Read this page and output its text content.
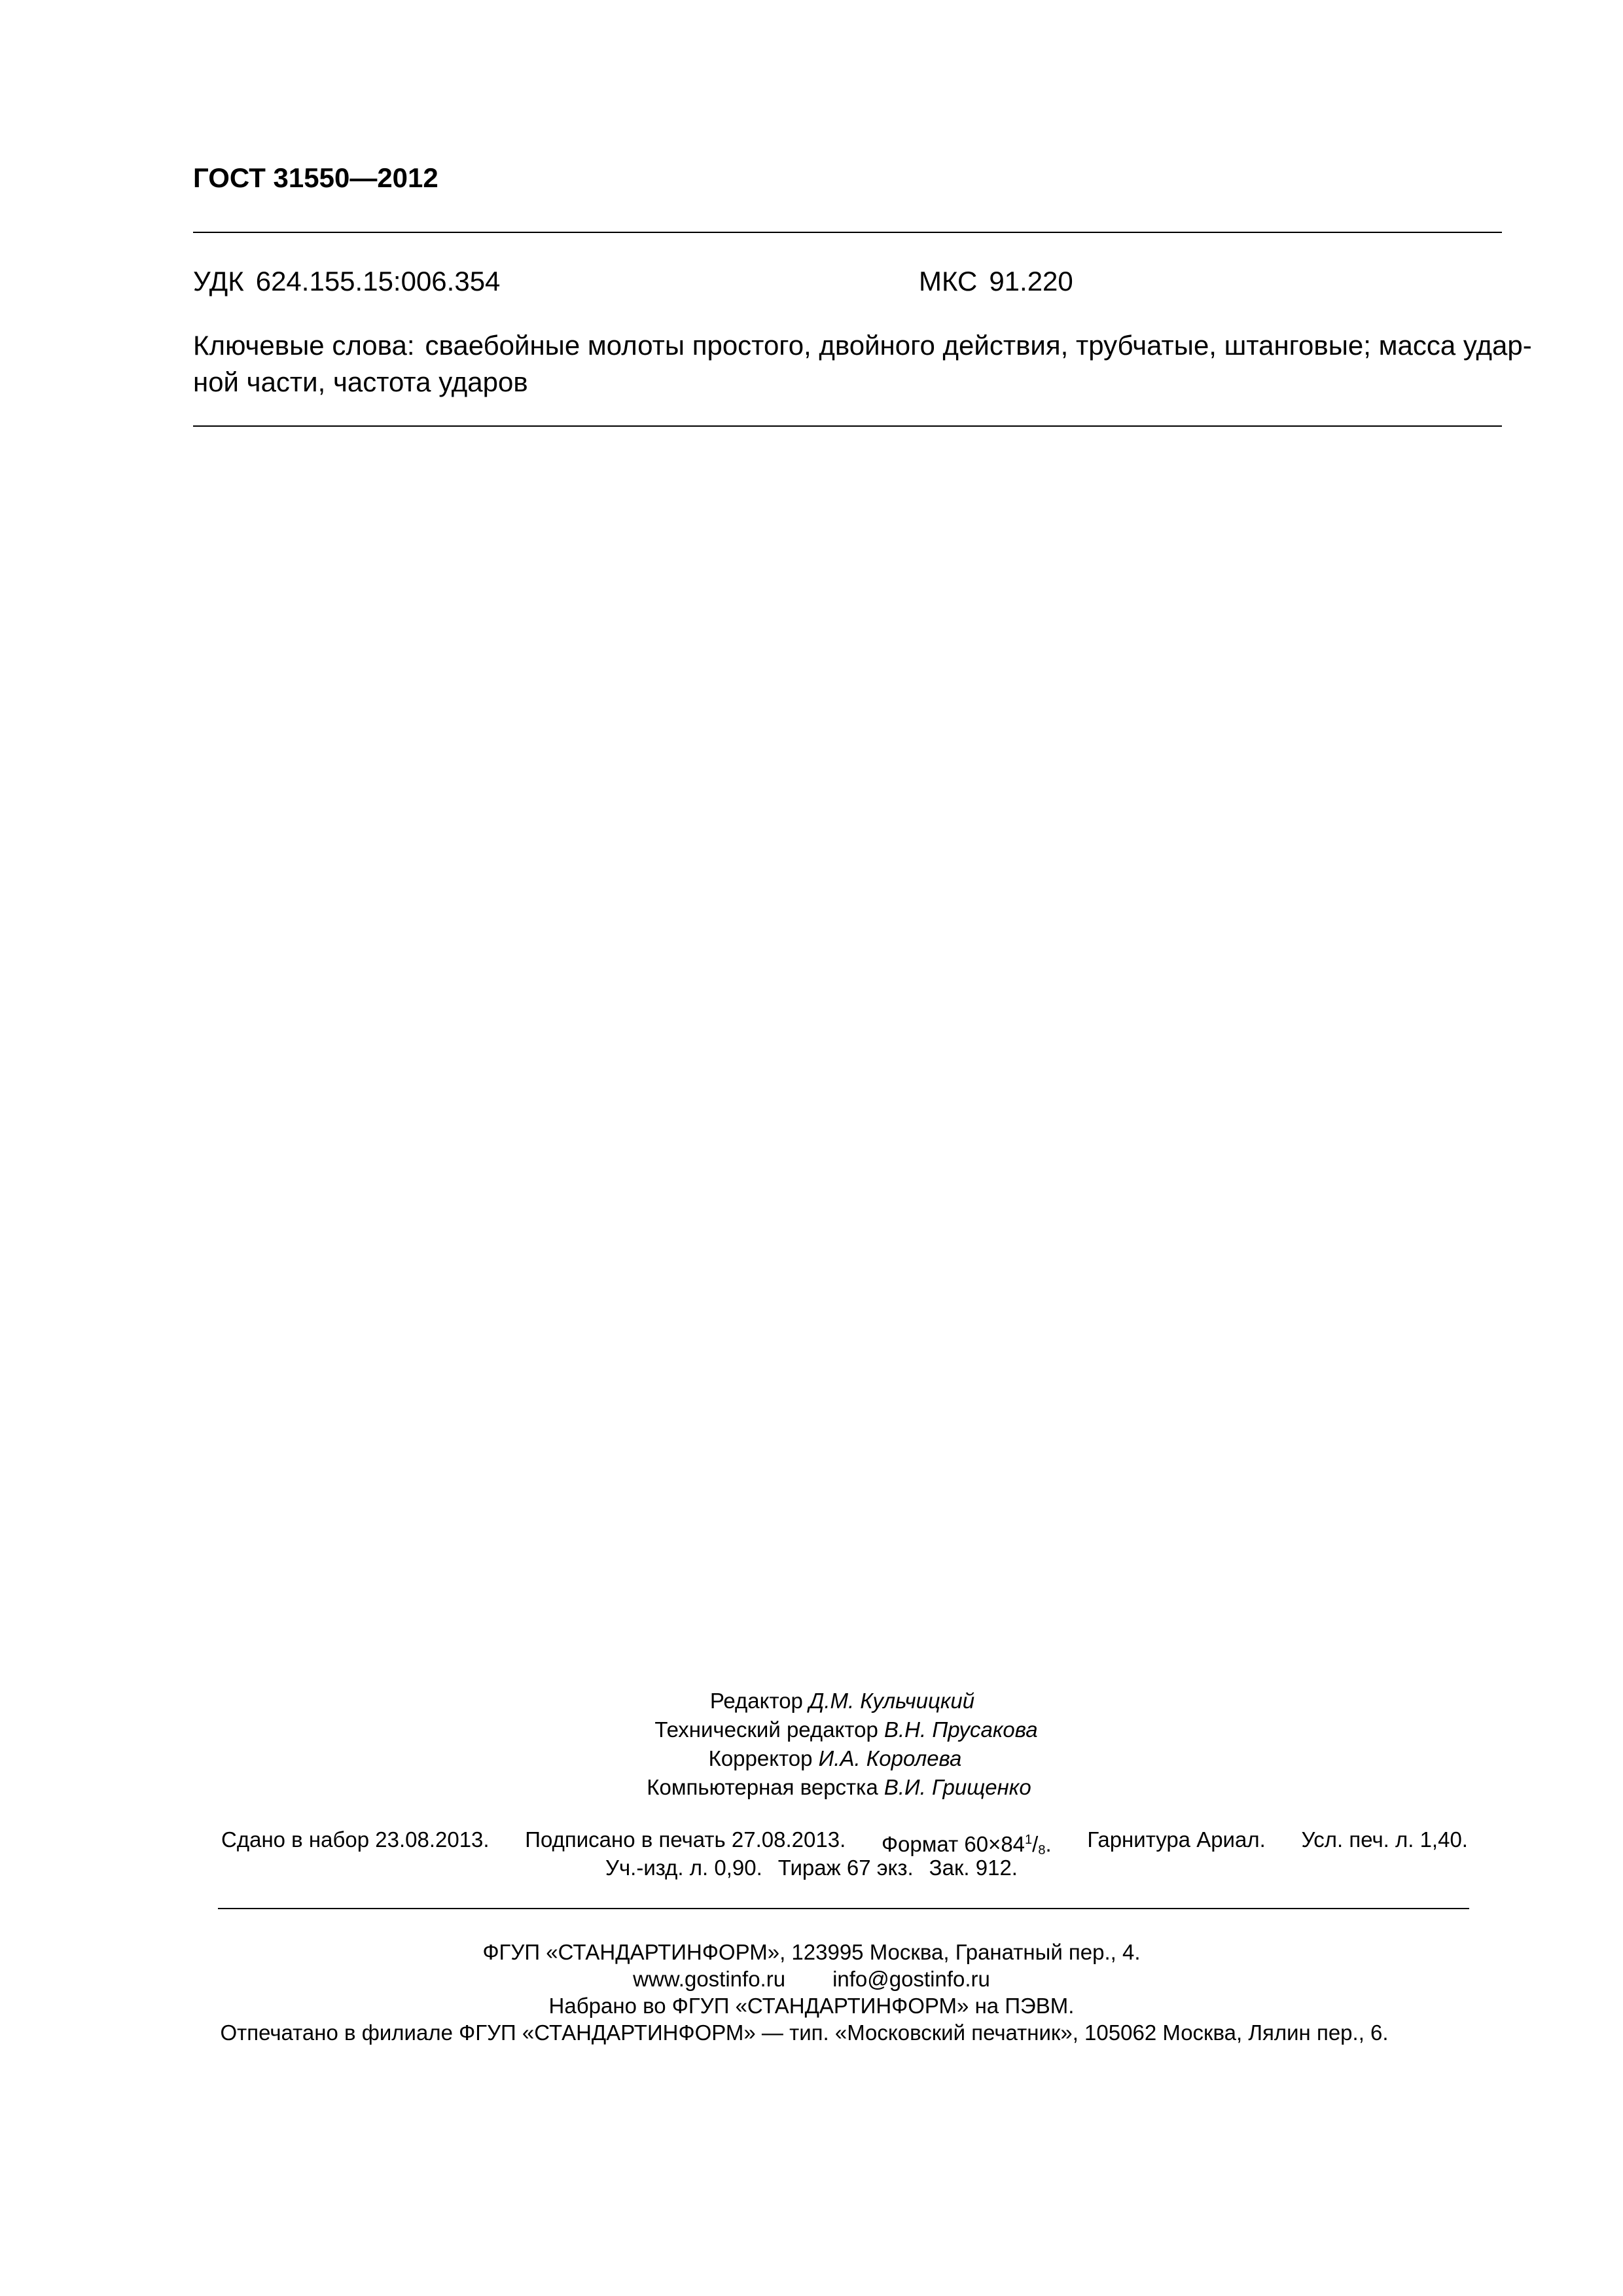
ГОСТ 31550—2012
УДК 624.155.15:006.354	МКС 91.220
Ключевые слова: сваебойные молоты простого, двойного действия, трубчатые, штанговые; масса удар-
ной части, частота ударов
Редактор Д.М. Кульчицкий
Технический редактор В.Н. Прусакова
Корректор И.А. Королева
Компьютерная верстка В.И. Грищенко
Сдано в набор 23.08.2013. Подписано в печать 27.08.2013. Формат $60\times 84^1/_8$. Гарнитура Ариал. Усл. печ. л. 1,40.
Уч.-изд. л. 0,90. Тираж 67 экз. Зак. 912.
ФГУП «СТАНДАРТИНФОРМ», 123995 Москва, Гранатный пер., 4.
www.gostinfo.ru info@gostinfo.ru
Набрано во ФГУП «СТАНДАРТИНФОРМ» на ПЭВМ.
Отпечатано в филиале ФГУП «СТАНДАРТИНФОРМ» — тип. «Московский печатник», 105062 Москва, Лялин пер., 6.
